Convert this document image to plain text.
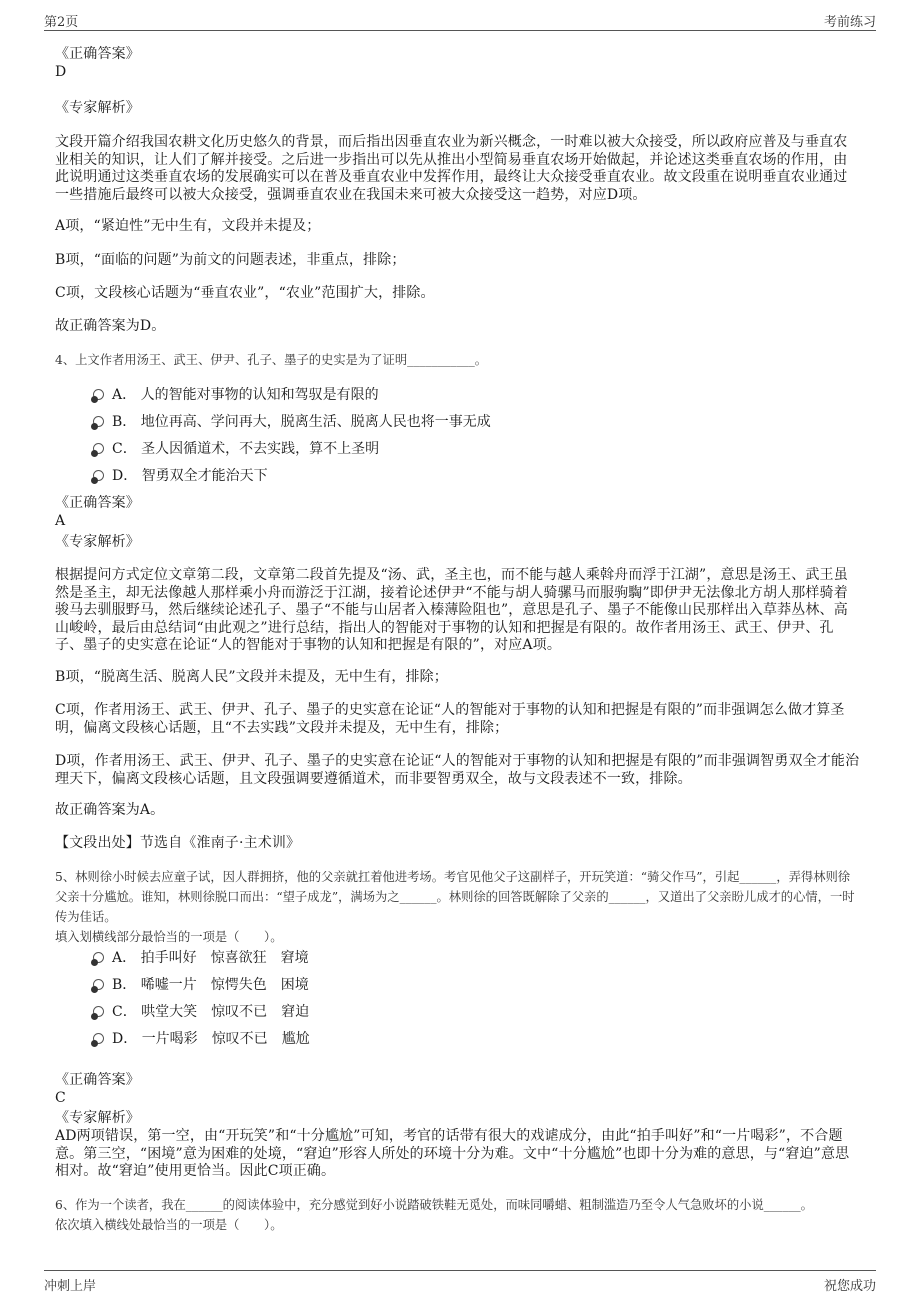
第2页	考前练习
《正确答案》
D
《专家解析》
文段开篇介绍我国农耕文化历史悠久的背景，而后指出因垂直农业为新兴概念，一时难以被大众接受，所以政府应普及与垂直农业相关的知识，让人们了解并接受。之后进一步指出可以先从推出小型简易垂直农场开始做起，并论述这类垂直农场的作用，由此说明通过这类垂直农场的发展确实可以在普及垂直农业中发挥作用，最终让大众接受垂直农业。故文段重在说明垂直农业通过一些措施后最终可以被大众接受，强调垂直农业在我国未来可被大众接受这一趋势，对应D项。
A项，“紧迫性”无中生有，文段并未提及；
B项，“面临的问题”为前文的问题表述，非重点，排除；
C项，文段核心话题为“垂直农业”，“农业”范围扩大，排除。
故正确答案为D。
4、上文作者用汤王、武王、伊尹、孔子、墨子的史实是为了证明___________。
A． 人的智能对事物的认知和驾驭是有限的
B． 地位再高、学问再大，脱离生活、脱离人民也将一事无成
C． 圣人因循道术，不去实践，算不上圣明
D． 智勇双全才能治天下
《正确答案》
A
《专家解析》
根据提问方式定位文章第二段，文章第二段首先提及“汤、武，圣主也，而不能与越人乘斡舟而浮于江湖”，意思是汤王、武王虽然是圣主，却无法像越人那样乘小舟而游泛于江湖，接着论述伊尹“不能与胡人骑骡马而服驹騊”即伊尹无法像北方胡人那样骑着骏马去驯服野马，然后继续论述孔子、墨子“不能与山居者入榛薄险阻也”，意思是孔子、墨子不能像山民那样出入草莽丛林、高山峻岭，最后由总结词“由此观之”进行总结，指出人的智能对于事物的认知和把握是有限的。故作者用汤王、武王、伊尹、孔子、墨子的史实意在论证“人的智能对于事物的认知和把握是有限的”，对应A项。
B项，“脱离生活、脱离人民”文段并未提及，无中生有，排除；
C项，作者用汤王、武王、伊尹、孔子、墨子的史实意在论证“人的智能对于事物的认知和把握是有限的”而非强调怎么做才算圣明，偏离文段核心话题，且“不去实践”文段并未提及，无中生有，排除；
D项，作者用汤王、武王、伊尹、孔子、墨子的史实意在论证“人的智能对于事物的认知和把握是有限的”而非强调智勇双全才能治理天下，偏离文段核心话题，且文段强调要遵循道术，而非要智勇双全，故与文段表述不一致，排除。
故正确答案为A。
【文段出处】节选自《淮南子·主术训》
5、林则徐小时候去应童子试，因人群拥挤，他的父亲就扛着他进考场。考官见他父子这副样子，开玩笑道：“骑父作马”，引起______，弄得林则徐父亲十分尴尬。谁知，林则徐脱口而出：“望子成龙”，满场为之______。林则徐的回答既解除了父亲的______，又道出了父亲盼儿成才的心情，一时传为佳话。
填入划横线部分最恰当的一项是（　　）。
A． 拍手叫好 惊喜欲狂 窘境
B． 唏嘘一片 惊愕失色 困境
C． 哄堂大笑 惊叹不已 窘迫
D． 一片喝彩 惊叹不已 尴尬
《正确答案》
C
《专家解析》
AD两项错误，第一空，由“开玩笑”和“十分尴尬”可知，考官的话带有很大的戏谑成分，由此“拍手叫好”和“一片喝彩”，不合题意。第三空，“困境”意为困难的处境，“窘迫”形容人所处的环境十分为难。文中“十分尴尬”也即十分为难的意思，与“窘迫”意思相对。故“窘迫”使用更恰当。因此C项正确。
6、作为一个读者，我在______的阅读体验中，充分感觉到好小说踏破铁鞋无觅处，而味同嚼蜡、粗制滥造乃至令人气急败坏的小说______。
依次填入横线处最恰当的一项是（　　）。
冲刺上岸	祝您成功
